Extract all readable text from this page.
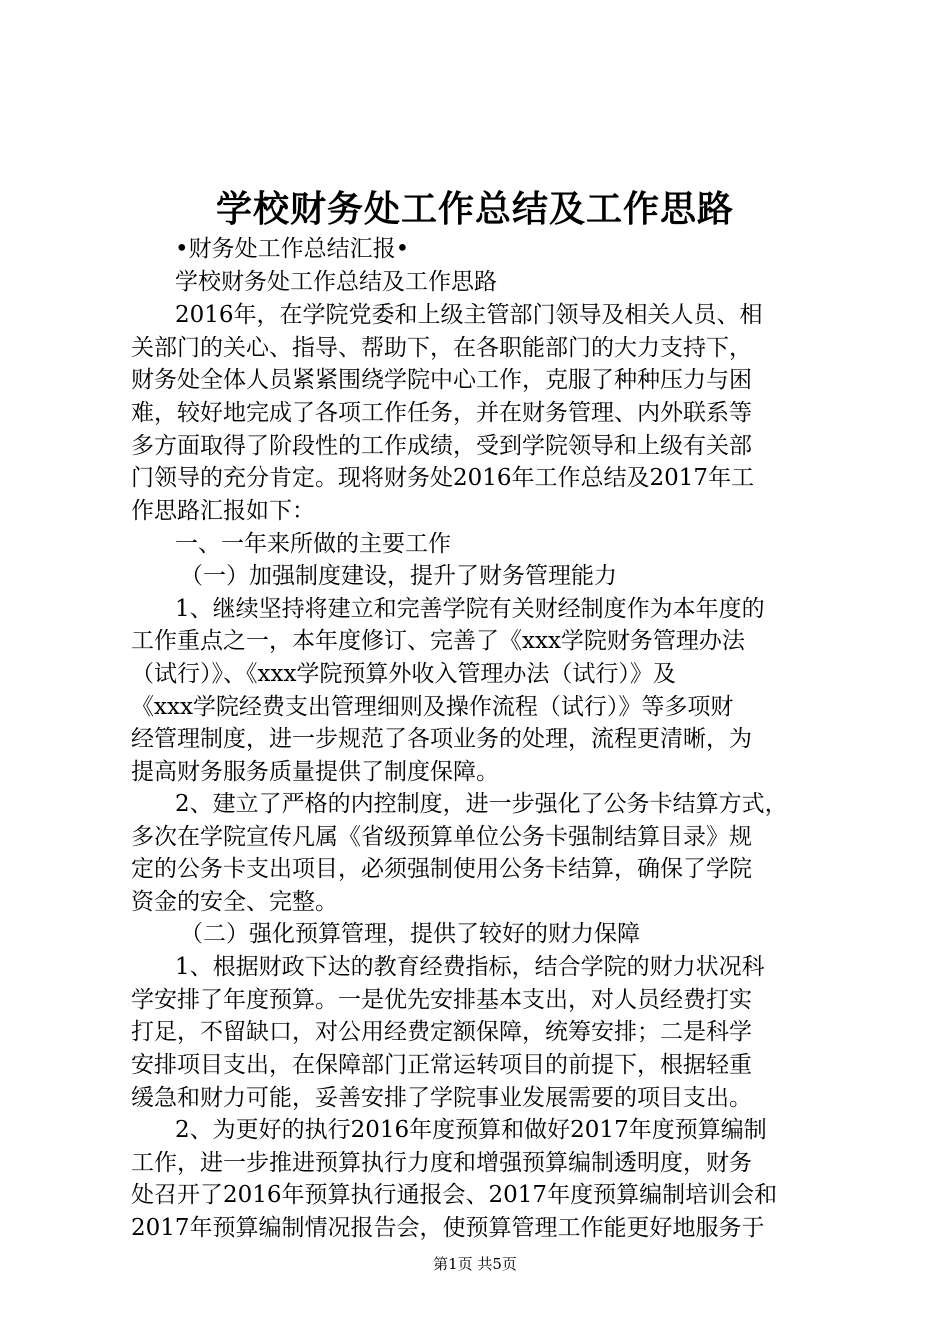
学校财务处工作总结及工作思路
•财务处工作总结汇报•
学校财务处工作总结及工作思路
2016年，在学院党委和上级主管部门领导及相关人员、相
关部门的关心、指导、帮助下，在各职能部门的大力支持下，
财务处全体人员紧紧围绕学院中心工作，克服了种种压力与困
难，较好地完成了各项工作任务，并在财务管理、内外联系等
多方面取得了阶段性的工作成绩，受到学院领导和上级有关部
门领导的充分肯定。现将财务处2016年工作总结及2017年工
作思路汇报如下：
一、一年来所做的主要工作
（一）加强制度建设，提升了财务管理能力
1、继续坚持将建立和完善学院有关财经制度作为本年度的
工作重点之一，本年度修订、完善了《xxx学院财务管理办法
（试行）》、《xxx学院预算外收入管理办法（试行）》及
《xxx学院经费支出管理细则及操作流程（试行）》等多项财
经管理制度，进一步规范了各项业务的处理，流程更清晰，为
提高财务服务质量提供了制度保障。
2、建立了严格的内控制度，进一步强化了公务卡结算方式，
多次在学院宣传凡属《省级预算单位公务卡强制结算目录》规
定的公务卡支出项目，必须强制使用公务卡结算，确保了学院
资金的安全、完整。
（二）强化预算管理，提供了较好的财力保障
1、根据财政下达的教育经费指标，结合学院的财力状况科
学安排了年度预算。一是优先安排基本支出，对人员经费打实
打足，不留缺口，对公用经费定额保障，统筹安排；二是科学
安排项目支出，在保障部门正常运转项目的前提下，根据轻重
缓急和财力可能，妥善安排了学院事业发展需要的项目支出。
2、为更好的执行2016年度预算和做好2017年度预算编制
工作，进一步推进预算执行力度和增强预算编制透明度，财务
处召开了2016年预算执行通报会、2017年度预算编制培训会和
2017年预算编制情况报告会，使预算管理工作能更好地服务于
第1页 共5页
